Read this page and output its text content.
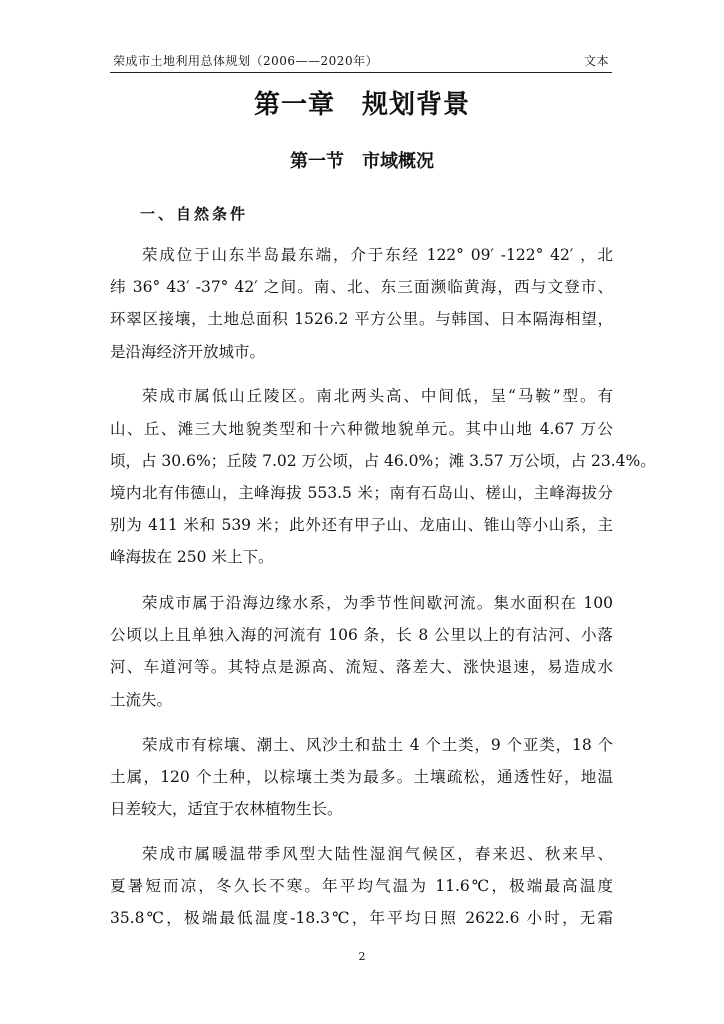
荣成市土地利用总体规划（2006——2020年）	文本
第一章　规划背景
第一节　市域概况
一、自然条件
荣成位于山东半岛最东端，介于东经 122° 09′ -122° 42′ ，北
纬 36° 43′ -37° 42′ 之间。南、北、东三面濒临黄海，西与文登市、
环翠区接壤，土地总面积 1526.2 平方公里。与韩国、日本隔海相望，
是沿海经济开放城市。
荣成市属低山丘陵区。南北两头高、中间低，呈“马鞍”型。有
山、丘、滩三大地貌类型和十六种微地貌单元。其中山地 4.67 万公
顷，占 30.6%；丘陵 7.02 万公顷，占 46.0%；滩 3.57 万公顷，占 23.4%。
境内北有伟德山，主峰海拔 553.5 米；南有石岛山、槎山，主峰海拔分
别为 411 米和 539 米；此外还有甲子山、龙庙山、锥山等小山系，主
峰海拔在 250 米上下。
荣成市属于沿海边缘水系，为季节性间歇河流。集水面积在 100
公顷以上且单独入海的河流有 106 条，长 8 公里以上的有沽河、小落
河、车道河等。其特点是源高、流短、落差大、涨快退速，易造成水
土流失。
荣成市有棕壤、潮土、风沙土和盐土 4 个土类，9 个亚类，18 个
土属，120 个土种，以棕壤土类为最多。土壤疏松，通透性好，地温
日差较大，适宜于农林植物生长。
荣成市属暖温带季风型大陆性湿润气候区，春来迟、秋来早、
夏暑短而凉，冬久长不寒。年平均气温为 11.6℃，极端最高温度
35.8℃，极端最低温度-18.3℃，年平均日照 2622.6 小时，无霜
2
